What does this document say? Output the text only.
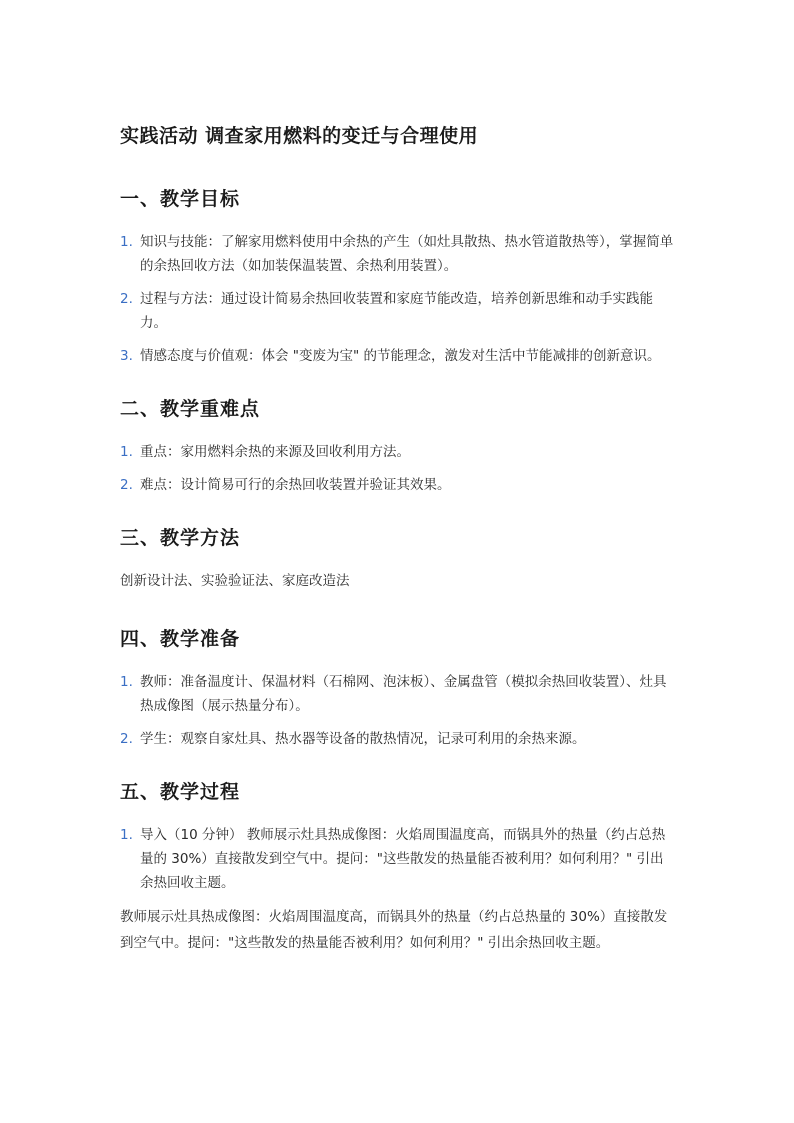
实践活动 调查家用燃料的变迁与合理使用
一、教学目标
1. 知识与技能：了解家用燃料使用中余热的产生（如灶具散热、热水管道散热等），掌握简单的余热回收方法（如加装保温装置、余热利用装置）。
2. 过程与方法：通过设计简易余热回收装置和家庭节能改造，培养创新思维和动手实践能力。
3. 情感态度与价值观：体会 "变废为宝" 的节能理念，激发对生活中节能减排的创新意识。
二、教学重难点
1. 重点：家用燃料余热的来源及回收利用方法。
2. 难点：设计简易可行的余热回收装置并验证其效果。
三、教学方法

创新设计法、实验验证法、家庭改造法

四、教学准备
1. 教师：准备温度计、保温材料（石棉网、泡沫板）、金属盘管（模拟余热回收装置）、灶具热成像图（展示热量分布）。
2. 学生：观察自家灶具、热水器等设备的散热情况，记录可利用的余热来源。
五、教学过程
1. 导入（10 分钟） 教师展示灶具热成像图：火焰周围温度高，而锅具外的热量（约占总热量的 30%）直接散发到空气中。提问："这些散发的热量能否被利用？如何利用？" 引出余热回收主题。

教师展示灶具热成像图：火焰周围温度高，而锅具外的热量（约占总热量的 30%）直接散发到空气中。提问："这些散发的热量能否被利用？如何利用？" 引出余热回收主题。
